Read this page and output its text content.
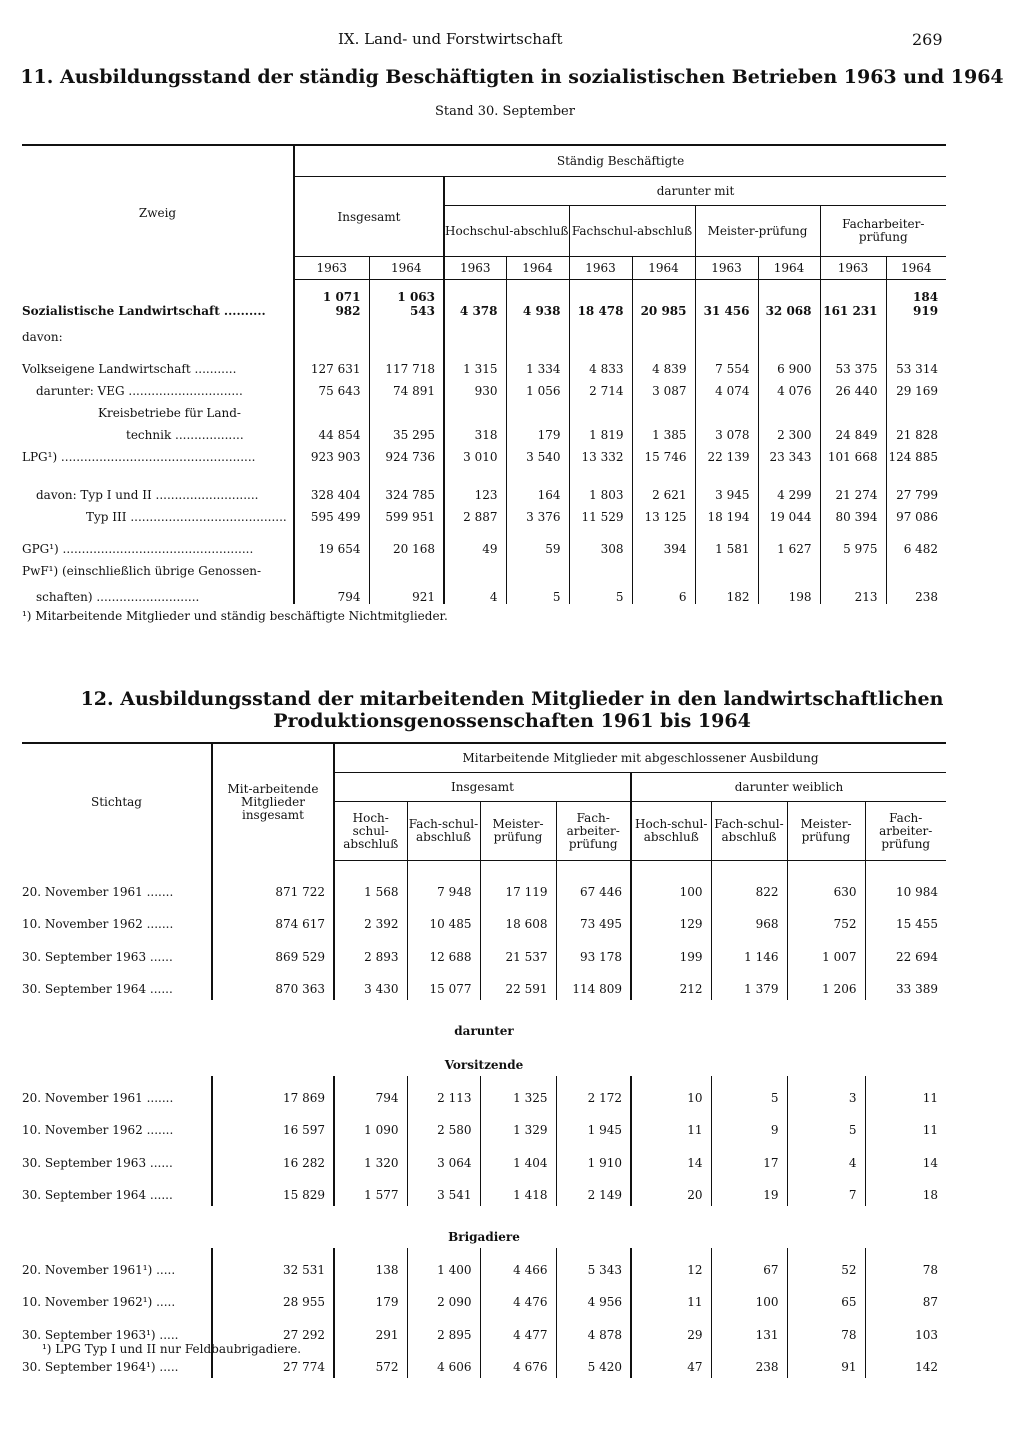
IX. Land- und Forstwirtschaft	269
11. Ausbildungsstand der ständig Beschäftigten in sozialistischen Betrieben 1963 und 1964
Stand 30. September
Zweig	Ständig Beschäftigte									
	Insgesamt		darunter mit							
			Hochschul-abschluß		Fachschul-abschluß		Meister-prüfung		Facharbeiter-prüfung	
	1963	1964	1963	1964	1963	1964	1963	1964	1963	1964
Sozialistische Landwirtschaft ..........	1 071 982	1 063 543	4 378	4 938	18 478	20 985	31 456	32 068	161 231	184 919
davon:										
Volkseigene Landwirtschaft ...........	127 631	117 718	1 315	1 334	4 833	4 839	7 554	6 900	53 375	53 314
darunter: VEG ..............................	75 643	74 891	930	1 056	2 714	3 087	4 074	4 076	26 440	29 169
Kreisbetriebe für Land-										
technik ..................	44 854	35 295	318	179	1 819	1 385	3 078	2 300	24 849	21 828
LPG¹) ...................................................	923 903	924 736	3 010	3 540	13 332	15 746	22 139	23 343	101 668	124 885
davon: Typ I und II ...........................	328 404	324 785	123	164	1 803	2 621	3 945	4 299	21 274	27 799
Typ III .........................................	595 499	599 951	2 887	3 376	11 529	13 125	18 194	19 044	80 394	97 086
GPG¹) ..................................................	19 654	20 168	49	59	308	394	1 581	1 627	5 975	6 482
PwF¹) (einschließlich übrige Genossen-										
schaften) ...........................	794	921	4	5	5	6	182	198	213	238
¹) Mitarbeitende Mitglieder und ständig beschäftigte Nichtmitglieder.
12. Ausbildungsstand der mitarbeitenden Mitglieder in den landwirtschaftlichen
Produktionsgenossenschaften 1961 bis 1964
Stichtag	Mit-arbeitende Mitglieder insgesamt	Mitarbeitende Mitglieder mit abgeschlossener Ausbildung							
		Insgesamt				darunter weiblich			
		Hoch-schul-abschluß	Fach-schul-abschluß	Meister-prüfung	Fach-arbeiter-prüfung	Hoch-schul-abschluß	Fach-schul-abschluß	Meister-prüfung	Fach-arbeiter-prüfung
20. November 1961 .......	871 722	1 568	7 948	17 119	67 446	100	822	630	10 984
10. November 1962 .......	874 617	2 392	10 485	18 608	73 495	129	968	752	15 455
30. September 1963 ......	869 529	2 893	12 688	21 537	93 178	199	1 146	1 007	22 694
30. September 1964 ......	870 363	3 430	15 077	22 591	114 809	212	1 379	1 206	33 389
darunter									
Vorsitzende									
20. November 1961 .......	17 869	794	2 113	1 325	2 172	10	5	3	11
10. November 1962 .......	16 597	1 090	2 580	1 329	1 945	11	9	5	11
30. September 1963 ......	16 282	1 320	3 064	1 404	1 910	14	17	4	14
30. September 1964 ......	15 829	1 577	3 541	1 418	2 149	20	19	7	18
Brigadiere									
20. November 1961¹) .....	32 531	138	1 400	4 466	5 343	12	67	52	78
10. November 1962¹) .....	28 955	179	2 090	4 476	4 956	11	100	65	87
30. September 1963¹) .....	27 292	291	2 895	4 477	4 878	29	131	78	103
30. September 1964¹) .....	27 774	572	4 606	4 676	5 420	47	238	91	142
¹) LPG Typ I und II nur Feldbaubrigadiere.
